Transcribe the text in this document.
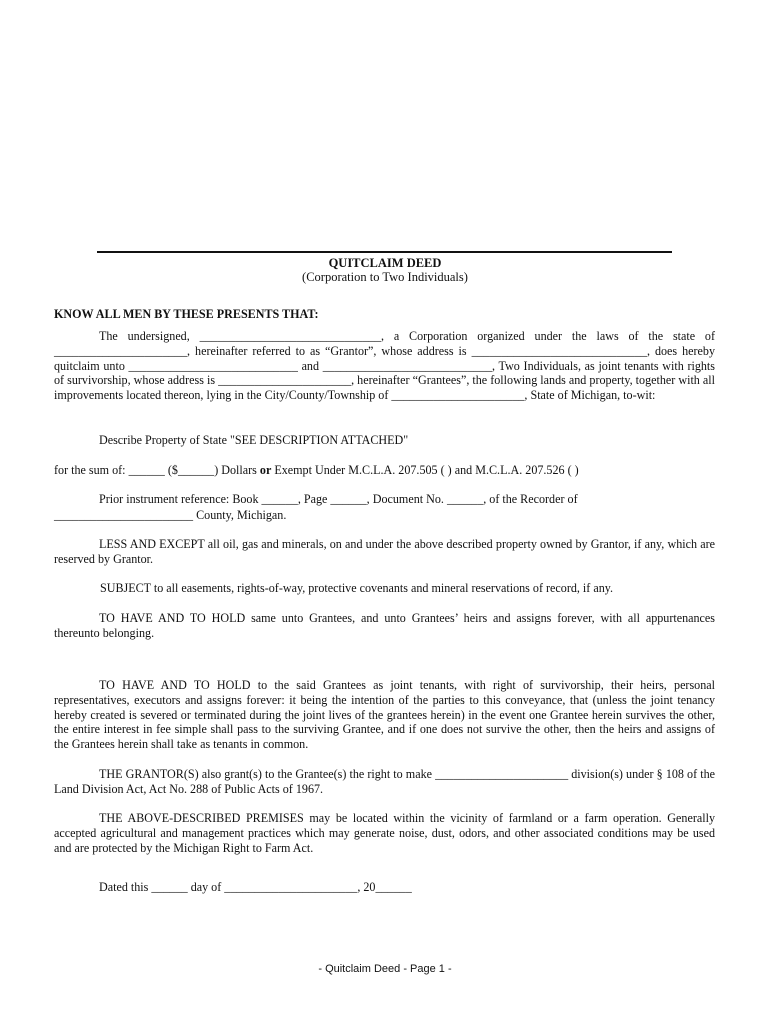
QUITCLAIM DEED
(Corporation to Two Individuals)
KNOW ALL MEN BY THESE PRESENTS THAT:
The undersigned, ______________________________, a Corporation organized under the laws of the state of ______________________, hereinafter referred to as “Grantor”, whose address is _____________________________, does hereby quitclaim unto ____________________________ and ____________________________, Two Individuals, as joint tenants with rights of survivorship, whose address is ______________________, hereinafter “Grantees”, the following lands and property, together with all improvements located thereon, lying in the City/County/Township of ______________________, State of Michigan, to-wit:
Describe Property of State "SEE DESCRIPTION ATTACHED"
for the sum of: ______ ($______) Dollars or Exempt Under M.C.L.A. 207.505 ( ) and M.C.L.A. 207.526 ( )
Prior instrument reference: Book ______, Page ______, Document No. ______, of the Recorder of
_______________________ County, Michigan.
LESS AND EXCEPT all oil, gas and minerals, on and under the above described property owned by Grantor, if any, which are reserved by Grantor.
SUBJECT to all easements, rights-of-way, protective covenants and mineral reservations of record, if any.
TO HAVE AND TO HOLD same unto Grantees, and unto Grantees’ heirs and assigns forever, with all appurtenances thereunto belonging.
TO HAVE AND TO HOLD to the said Grantees as joint tenants, with right of survivorship, their heirs, personal representatives, executors and assigns forever: it being the intention of the parties to this conveyance, that (unless the joint tenancy hereby created is severed or terminated during the joint lives of the grantees herein) in the event one Grantee herein survives the other, the entire interest in fee simple shall pass to the surviving Grantee, and if one does not survive the other, then the heirs and assigns of the Grantees herein shall take as tenants in common.
THE GRANTOR(S) also grant(s) to the Grantee(s) the right to make ______________________ division(s) under § 108 of the Land Division Act, Act No. 288 of Public Acts of 1967.
THE ABOVE-DESCRIBED PREMISES may be located within the vicinity of farmland or a farm operation. Generally accepted agricultural and management practices which may generate noise, dust, odors, and other associated conditions may be used and are protected by the Michigan Right to Farm Act.
Dated this ______ day of ______________________, 20______
- Quitclaim Deed - Page 1 -
